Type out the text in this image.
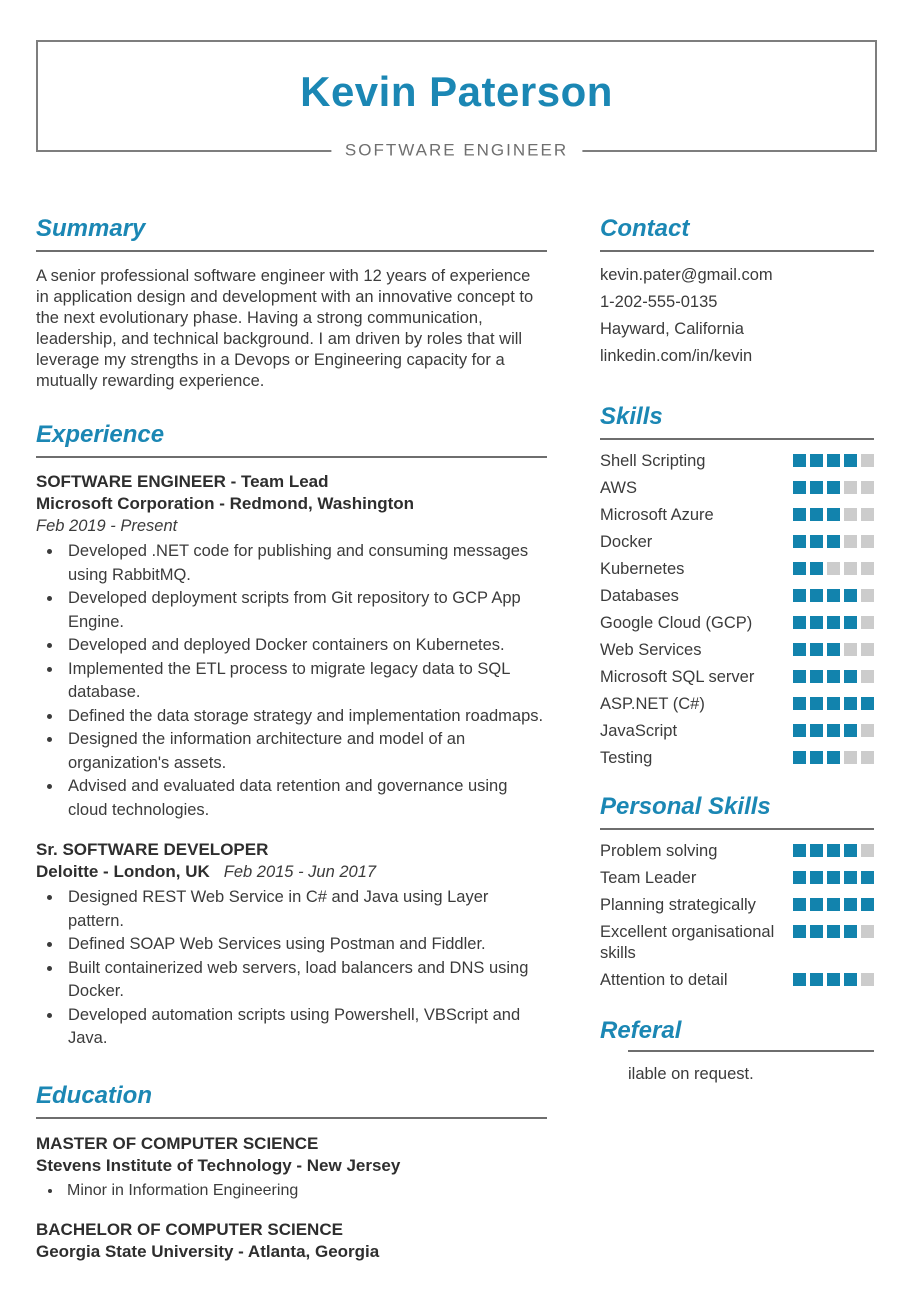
Kevin Paterson
SOFTWARE ENGINEER
Summary

A senior professional software engineer with 12 years of experience in application design and development with an innovative concept to the next evolutionary phase. Having a strong communication, leadership, and technical background. I am driven by roles that will leverage my strengths in a Devops or Engineering capacity for a mutually rewarding experience.

Experience
SOFTWARE ENGINEER - Team Lead
Microsoft Corporation - Redmond, Washington
Feb 2019 - Present
• Developed .NET code for publishing and consuming messages using RabbitMQ.
• Developed deployment scripts from Git repository to GCP App Engine.
• Developed and deployed Docker containers on Kubernetes.
• Implemented the ETL process to migrate legacy data to SQL database.
• Defined the data storage strategy and implementation roadmaps.
• Designed the information architecture and model of an organization's assets.
• Advised and evaluated data retention and governance using cloud technologies.
Sr. SOFTWARE DEVELOPER
Deloitte - London, UK Feb 2015 - Jun 2017
• Designed REST Web Service in C# and Java using Layer pattern.
• Defined SOAP Web Services using Postman and Fiddler.
• Built containerized web servers, load balancers and DNS using Docker.
• Developed automation scripts using Powershell, VBScript and Java.
Education
MASTER OF COMPUTER SCIENCE
Stevens Institute of Technology - New Jersey
• Minor in Information Engineering
BACHELOR OF COMPUTER SCIENCE
Georgia State University - Atlanta, Georgia
Contact
kevin.pater@gmail.com
1-202-555-0135
Hayward, California
linkedin.com/in/kevin
Skills
Shell Scripting
AWS
Microsoft Azure
Docker
Kubernetes
Databases
Google Cloud (GCP)
Web Services
Microsoft SQL server
ASP.NET (C#)
JavaScript
Testing
Personal Skills
Problem solving
Team Leader
Planning strategically
Excellent organisational skills
Attention to detail
Referal

ilable on request.
